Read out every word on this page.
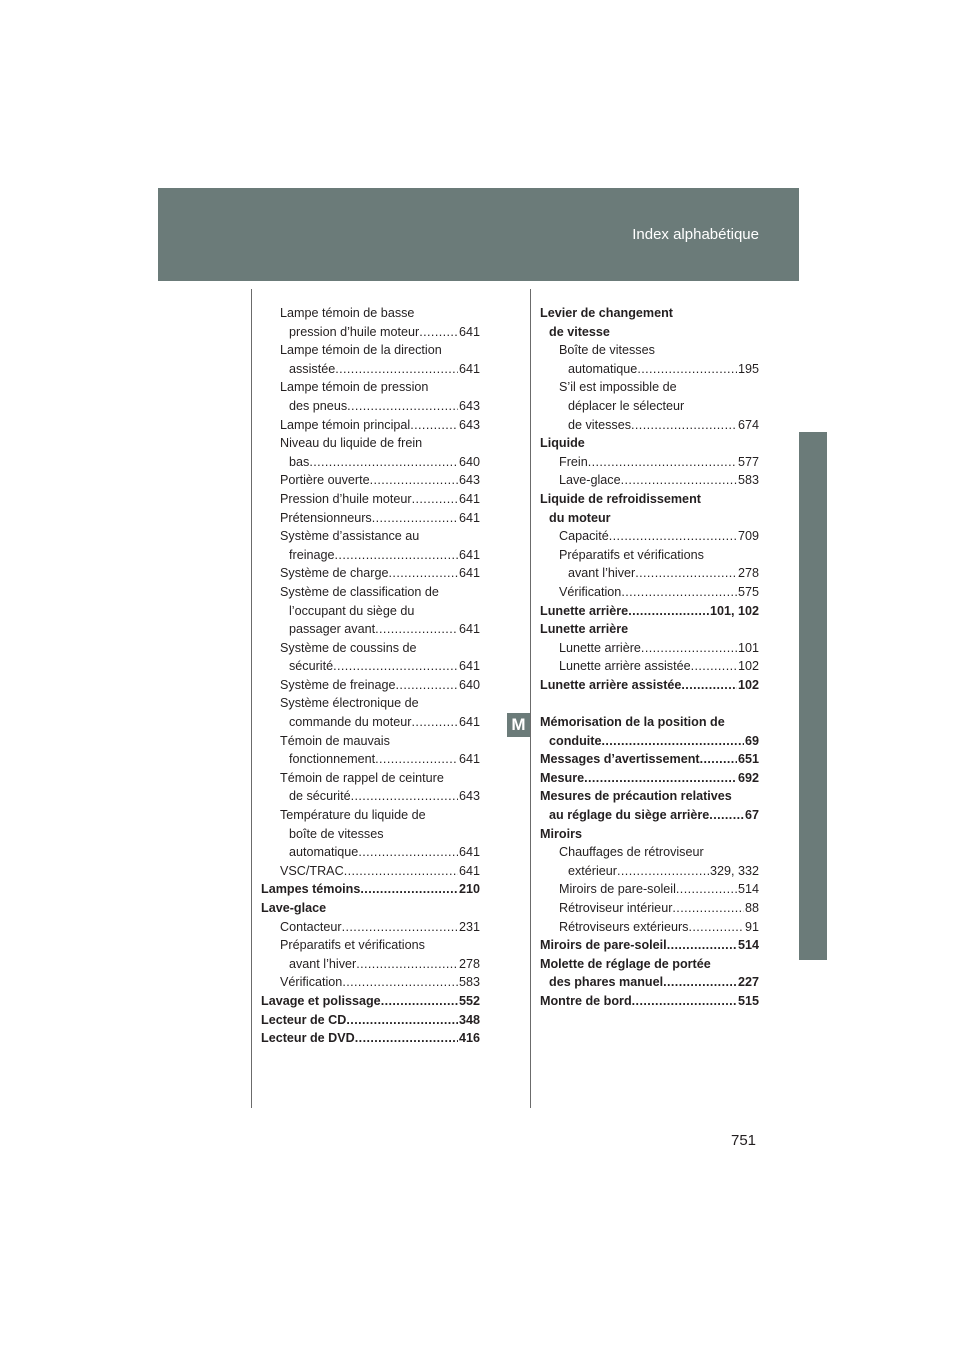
Index alphabétique
M
Lampe témoin de basse
pression d’huile moteur .....	641
Lampe témoin de la direction
assistée .....	641
Lampe témoin de pression
des pneus .....	643
Lampe témoin principal .....	643
Niveau du liquide de frein
bas .....	640
Portière ouverte .....	643
Pression d’huile moteur .....	641
Prétensionneurs .....	641
Système d’assistance au
freinage .....	641
Système de charge .....	641
Système de classification de
l’occupant du siège du
passager avant .....	641
Système de coussins de
sécurité .....	641
Système de freinage .....	640
Système électronique de
commande du moteur .....	641
Témoin de mauvais
fonctionnement .....	641
Témoin de rappel de ceinture
de sécurité .....	643
Température du liquide de
boîte de vitesses
automatique .....	641
VSC/TRAC .....	641
Lampes témoins .....	210
Lave-glace
Contacteur .....	231
Préparatifs et vérifications
avant l’hiver .....	278
Vérification .....	583
Lavage et polissage .....	552
Lecteur de CD .....	348
Lecteur de DVD .....	416
Levier de changement
de vitesse
Boîte de vitesses
automatique .....	195
S’il est impossible de
déplacer le sélecteur
de vitesses .....	674
Liquide
Frein .....	577
Lave-glace .....	583
Liquide de refroidissement
du moteur
Capacité .....	709
Préparatifs et vérifications
avant l’hiver .....	278
Vérification .....	575
Lunette arrière .....	101, 102
Lunette arrière
Lunette arrière .....	101
Lunette arrière assistée .....	102
Lunette arrière assistée .....	102
Mémorisation de la position de
conduite .....	69
Messages d’avertissement .....	651
Mesure .....	692
Mesures de précaution relatives
au réglage du siège arrière .....	67
Miroirs
Chauffages de rétroviseur
extérieur .....	329, 332
Miroirs de pare-soleil .....	514
Rétroviseur intérieur .....	88
Rétroviseurs extérieurs .....	91
Miroirs de pare-soleil .....	514
Molette de réglage de portée
des phares manuel .....	227
Montre de bord .....	515
751
